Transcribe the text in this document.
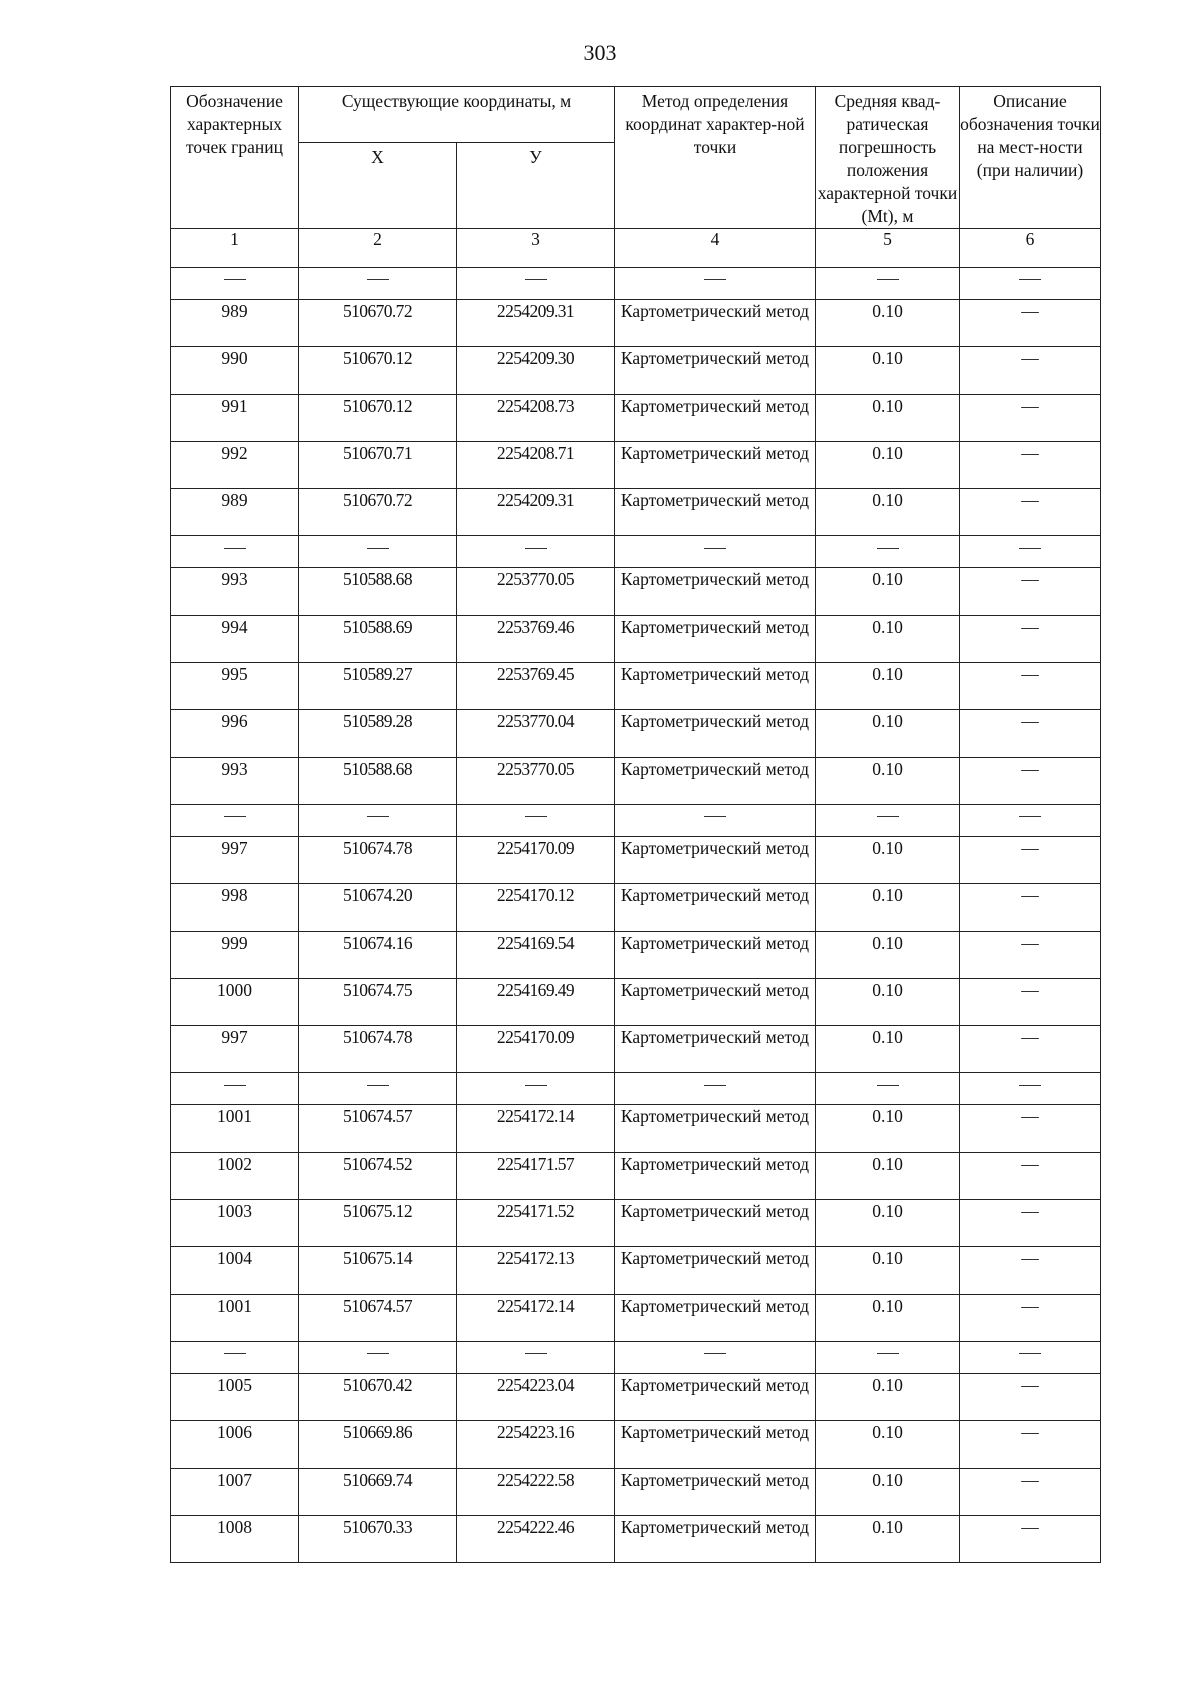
303
Обозначение характерных точек границ	Существующие координаты, м		Метод определения координат характер-ной точки	Средняя квад-ратическая погрешность положения характерной точки (Mt), м	Описание обозначения точки на мест-ности (при наличии)
	X	У			
1	2	3	4	5	6

989	510670.72	2254209.31	Картометрический метод	0.10	—
990	510670.12	2254209.30	Картометрический метод	0.10	—
991	510670.12	2254208.73	Картометрический метод	0.10	—
992	510670.71	2254208.71	Картометрический метод	0.10	—
989	510670.72	2254209.31	Картометрический метод	0.10	—

993	510588.68	2253770.05	Картометрический метод	0.10	—
994	510588.69	2253769.46	Картометрический метод	0.10	—
995	510589.27	2253769.45	Картометрический метод	0.10	—
996	510589.28	2253770.04	Картометрический метод	0.10	—
993	510588.68	2253770.05	Картометрический метод	0.10	—

997	510674.78	2254170.09	Картометрический метод	0.10	—
998	510674.20	2254170.12	Картометрический метод	0.10	—
999	510674.16	2254169.54	Картометрический метод	0.10	—
1000	510674.75	2254169.49	Картометрический метод	0.10	—
997	510674.78	2254170.09	Картометрический метод	0.10	—

1001	510674.57	2254172.14	Картометрический метод	0.10	—
1002	510674.52	2254171.57	Картометрический метод	0.10	—
1003	510675.12	2254171.52	Картометрический метод	0.10	—
1004	510675.14	2254172.13	Картометрический метод	0.10	—
1001	510674.57	2254172.14	Картометрический метод	0.10	—

1005	510670.42	2254223.04	Картометрический метод	0.10	—
1006	510669.86	2254223.16	Картометрический метод	0.10	—
1007	510669.74	2254222.58	Картометрический метод	0.10	—
1008	510670.33	2254222.46	Картометрический метод	0.10	—
